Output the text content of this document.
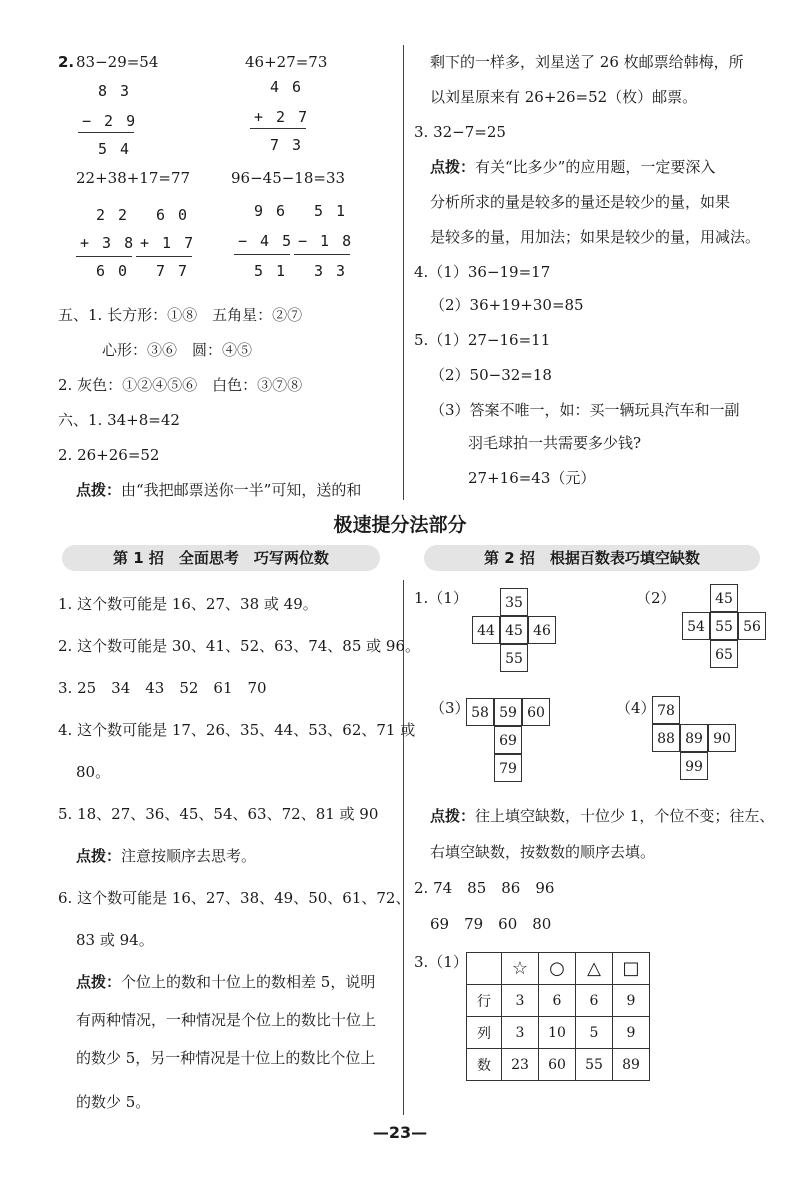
2. 83−29=54	46+27=73
8 3
− 2 9
5 4
4 6
+ 2 7
7 3
22+38+17=77	96−45−18=33
2 2
+ 3 8
6 0
6 0
+ 1 7
7 7
9 6
− 4 5
5 1
5 1
− 1 8
3 3
五、1. 长方形：①⑧　五角星：②⑦
心形：③⑥　圆：④⑤
2. 灰色：①②④⑤⑥　白色：③⑦⑧
六、1. 34+8=42
2. 26+26=52
点拨：由“我把邮票送你一半”可知，送的和
剩下的一样多，刘星送了 26 枚邮票给韩梅，所
以刘星原来有 26+26=52（枚）邮票。
3. 32−7=25
点拨：有关“比多少”的应用题，一定要深入
分析所求的量是较多的量还是较少的量，如果
是较多的量，用加法；如果是较少的量，用减法。
4.（1）36−19=17
（2）36+19+30=85
5.（1）27−16=11
（2）50−32=18
（3）答案不唯一，如：买一辆玩具汽车和一副
羽毛球拍一共需要多少钱?
27+16=43（元）
极速提分法部分
第 1 招　全面思考　巧写两位数	第 2 招　根据百数表巧填空缺数
1. 这个数可能是 16、27、38 或 49。
2. 这个数可能是 30、41、52、63、74、85 或 96。
3. 25　34　43　52　61　70
4. 这个数可能是 17、26、35、44、53、62、71 或
80。
5. 18、27、36、45、54、63、72、81 或 90
点拨：注意按顺序去思考。
6. 这个数可能是 16、27、38、49、50、61、72、
83 或 94。
点拨：个位上的数和十位上的数相差 5，说明
有两种情况，一种情况是个位上的数比十位上
的数少 5，另一种情况是十位上的数比个位上
的数少 5。
1.（1）	35
44 45 46
55
（2）	45
54 55 56
65
（3） 58 59 60
69
79
（4） 78
88 89 90
99
点拨：往上填空缺数，十位少 1，个位不变；往左、
右填空缺数，按数数的顺序去填。
2. 74　85　86　96
69　79　60　80
3.（1）
	☆	○	△	□
行	3	6	6	9
列	3	10	5	9
数	23	60	55	89
—23—
